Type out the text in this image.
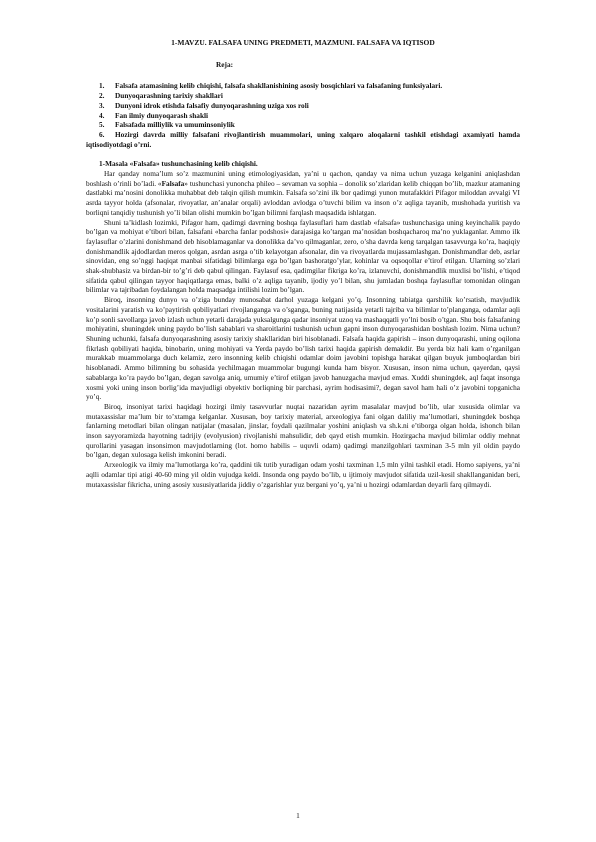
1-MAVZU. FALSAFA UNING PREDMETI, MAZMUNI. FALSAFA VA IQTISOD
Reja:
1. Falsafa atamasining kelib chiqishi, falsafa shakllanishining asosiy bosqichlari va falsafaning funksiyalari.
2. Dunyoqarashning tarixiy shakllari
3. Dunyoni idrok etishda falsafiy dunyoqarashning uziga xos roli
4. Fan ilmiy dunyoqarash shakli
5. Falsafada milliylik va umuminsoniylik
6. Hozirgi davrda milliy falsafani rivojlantirish muammolari, uning xalqaro aloqalarni tashkil etishdagi axamiyati hamda iqtisodiyotdagi o’rni.
1-Masala «Falsafa» tushunchasining kelib chiqishi.

Har qanday noma’lum so’z mazmunini uning etimologiyasidan, ya’ni u qachon, qanday va nima uchun yuzaga kelganini aniqlashdan boshlash o’rinli bo’ladi. «Falsafa» tushunchasi yunoncha phileo – sevaman va sophia – donolik so’zlaridan kelib chiqqan bo’lib, mazkur atamaning dastlabki ma’nosini donolikka muhabbat deb talqin qilish mumkin. Falsafa so’zini ilk bor qadimgi yunon mutafakkiri Pifagor miloddan avvalgi VI asrda tayyor holda (afsonalar, rivoyatlar, an’analar orqali) avloddan avlodga o’tuvchi bilim va inson o’z aqliga tayanib, mushohada yuritish va borliqni tanqidiy tushunish yo’li bilan olishi mumkin bo’lgan bilimni farqlash maqsadida ishlatgan.

Shuni ta’kidlash lozimki, Pifagor ham, qadimgi davrning boshqa faylasuflari ham dastlab «falsafa» tushunchasiga uning keyinchalik paydo bo’lgan va mohiyat e’tibori bilan, falsafani «barcha fanlar podshosi» darajasiga ko’targan ma’nosidan boshqacharoq ma’no yuklaganlar. Ammo ilk faylasuflar o’zlarini donishmand deb hisoblamaganlar va donolikka da’vo qilmaganlar, zero, o’sha davrda keng tarqalgan tasavvurga ko’ra, haqiqiy donishmandlik ajdodlardan meros qolgan, asrdan asrga o’tib kelayotgan afsonalar, din va rivoyatlarda mujassamlashgan. Donishmandlar deb, asrlar sinovidan, eng so’nggi haqiqat manbai sifatidagi bilimlarga ega bo’lgan bashoratgo’ylar, kohinlar va oqsoqollar e’tirof etilgan. Ularning so’zlari shak-shubhasiz va birdan-bir to’g’ri deb qabul qilingan. Faylasuf esa, qadimgilar fikriga ko’ra, izlanuvchi, donishmandlik muxlisi bo’lishi, e’tiqod sifatida qabul qilingan tayyor haqiqatlarga emas, balki o’z aqliga tayanib, ijodiy yo’l bilan, shu jumladan boshqa faylasuflar tomonidan olingan bilimlar va tajribadan foydalangan holda maqsadga intilishi lozim bo’lgan.

Biroq, insonning dunyo va o’ziga bunday munosabat darhol yuzaga kelgani yo’q. Insonning tabiatga qarshilik ko’rsatish, mavjudlik vositalarini yaratish va ko’paytirish qobiliyatlari rivojlanganga va o’sganga, buning natijasida yetarli tajriba va bilimlar to’planganga, odamlar aqli ko’p sonli savollarga javob izlash uchun yetarli darajada yuksalgunga qadar insoniyat uzoq va mashaqqatli yo’lni bosib o’tgan. Shu bois falsafaning mohiyatini, shuningdek uning paydo bo’lish sabablari va sharoitlarini tushunish uchun gapni inson dunyoqarashidan boshlash lozim. Nima uchun? Shuning uchunki, falsafa dunyoqarashning asosiy tarixiy shakllaridan biri hisoblanadi. Falsafa haqida gapirish – inson dunyoqarashi, uning oqilona fikrlash qobiliyati haqida, binobarin, uning mohiyati va Yerda paydo bo’lish tarixi haqida gapirish demakdir. Bu yerda biz hali kam o’rganilgan murakkab muammolarga duch kelamiz, zero insonning kelib chiqishi odamlar doim javobini topishga harakat qilgan buyuk jumboqlardan biri hisoblanadi. Ammo bilimning bu sohasida yechilmagan muammolar bugungi kunda ham bisyor. Xususan, inson nima uchun, qayerdan, qaysi sabablarga ko’ra paydo bo’lgan, degan savolga aniq, umumiy e’tirof etilgan javob hanuzgacha mavjud emas. Xuddi shuningdek, aql faqat insonga xosmi yoki uning inson borlig’ida mavjudligi obyektiv borliqning bir parchasi, ayrim hodisasimi?, degan savol ham hali o’z javobini topganicha yo’q.

Biroq, insoniyat tarixi haqidagi hozirgi ilmiy tasavvurlar nuqtai nazaridan ayrim masalalar mavjud bo’lib, ular xususida olimlar va mutaxassislar ma’lum bir to’xtamga kelganlar. Xususan, boy tarixiy material, arxeologiya fani olgan daliliy ma’lumotlari, shuningdek boshqa fanlarning metodlari bilan olingan natijalar (masalan, jinslar, foydali qazilmalar yoshini aniqlash va sh.k.ni e’tiborga olgan holda, ishonch bilan inson sayyoramizda hayotning tadrijiy (evolyusion) rivojlanishi mahsulidir, deb qayd etish mumkin. Hozirgacha mavjud bilimlar oddiy mehnat qurollarini yasagan insonsimon mavjudotlarning (lot. homo habilis – uquvli odam) qadimgi manzilgohlari taxminan 3-5 mln yil oldin paydo bo’lgan, degan xulosaga kelish imkonini beradi.

Arxeologik va ilmiy ma’lumotlarga ko’ra, qaddini tik tutib yuradigan odam yoshi taxminan 1,5 mln yilni tashkil etadi. Homo sapiyens, ya’ni aqlli odamlar tipi atigi 40-60 ming yil oldin vujudga keldi. Insonda ong paydo bo’lib, u ijtimoiy mavjudot sifatida uzil-kesil shakllanganidan beri, mutaxassislar fikricha, uning asosiy xususiyatlarida jiddiy o’zgarishlar yuz bergani yo’q, ya’ni u hozirgi odamlardan deyarli farq qilmaydi.

1
